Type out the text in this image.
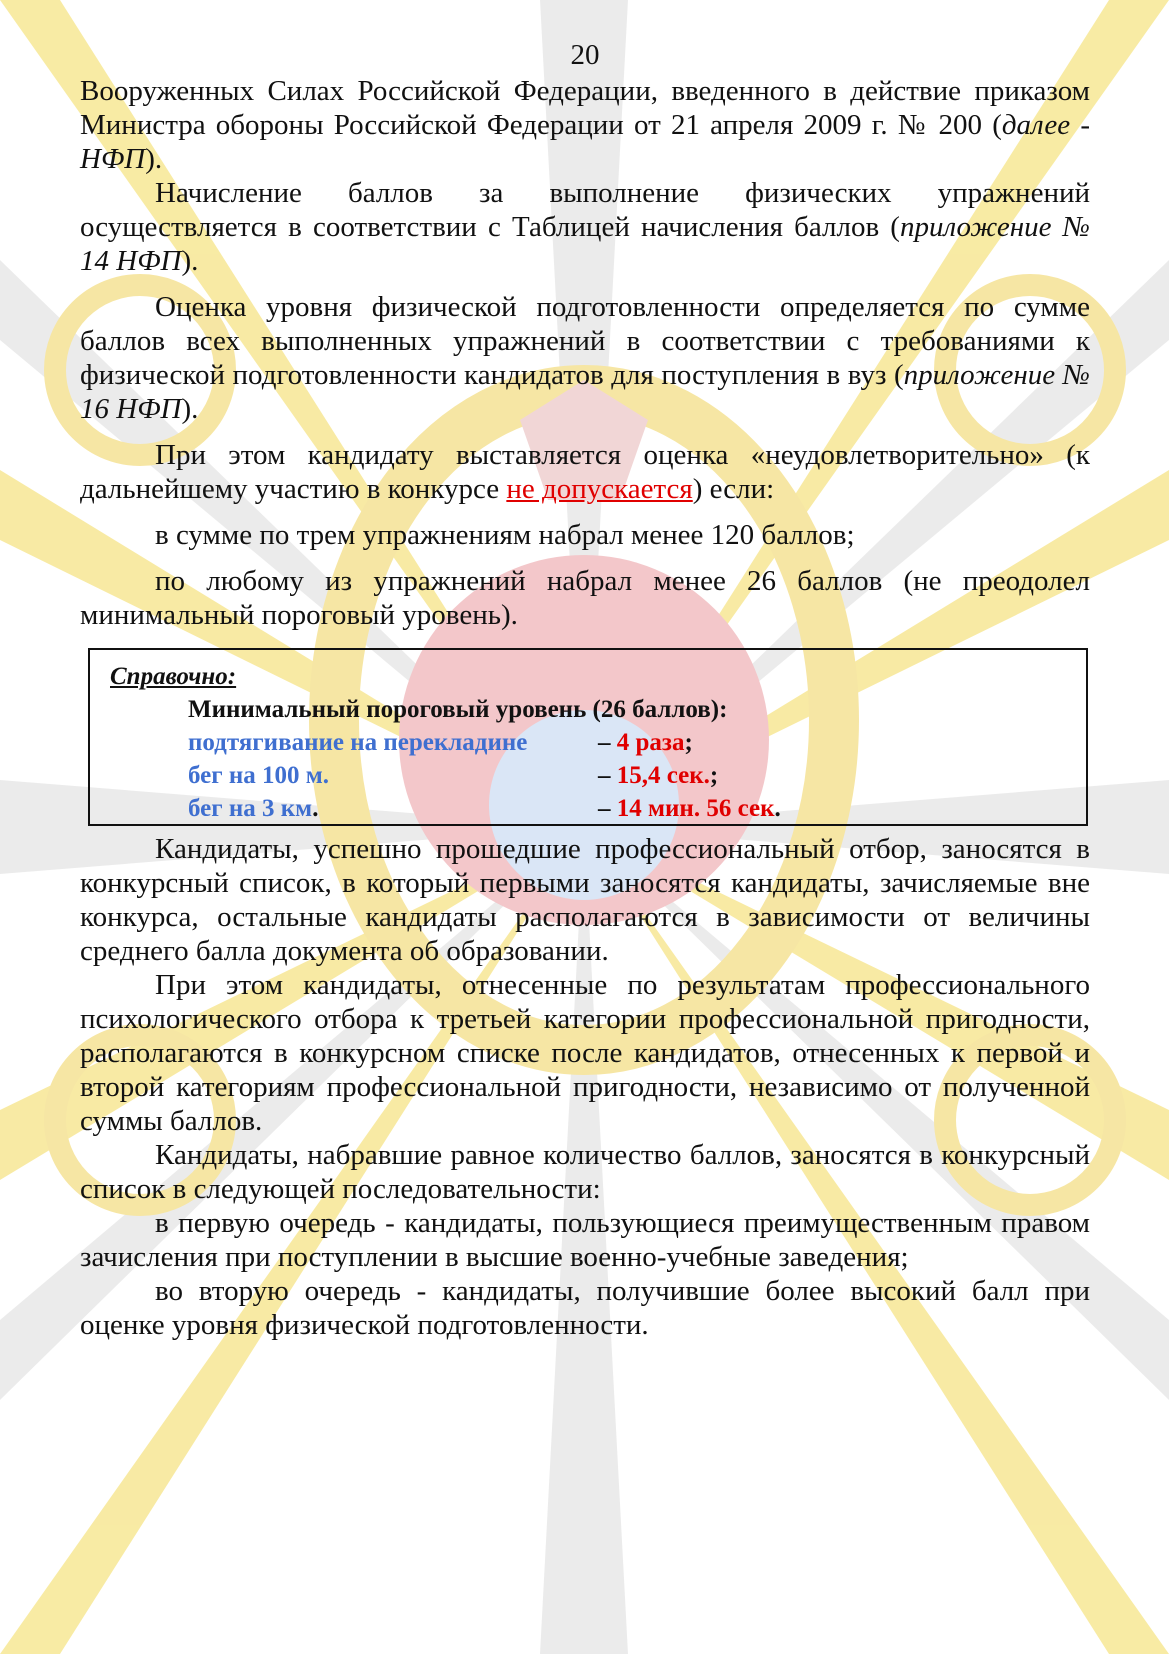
20

Вооруженных Силах Российской Федерации, введенного в действие приказом Министра обороны Российской Федерации от 21 апреля 2009 г. № 200 (далее - НФП).

Начисление баллов за выполнение физических упражнений осуществляется в соответствии с Таблицей начисления баллов (приложение № 14 НФП).

Оценка уровня физической подготовленности определяется по сумме баллов всех выполненных упражнений в соответствии с требованиями к физической подготовленности кандидатов для поступления в вуз (приложение № 16 НФП).

При этом кандидату выставляется оценка «неудовлетворительно» (к дальнейшему участию в конкурсе не допускается) если:

в сумме по трем упражнениям набрал менее 120 баллов;

по любому из упражнений набрал менее 26 баллов (не преодолел минимальный пороговый уровень).

Справочно:
Минимальный пороговый уровень (26 баллов):
подтягивание на перекладине	– 4 раза;
бег на 100 м.	– 15,4 сек.;
бег на 3 км.	– 14 мин. 56 сек.

Кандидаты, успешно прошедшие профессиональный отбор, заносятся в конкурсный список, в который первыми заносятся кандидаты, зачисляемые вне конкурса, остальные кандидаты располагаются в зависимости от величины среднего балла документа об образовании.

При этом кандидаты, отнесенные по результатам профессионального психологического отбора к третьей категории профессиональной пригодности, располагаются в конкурсном списке после кандидатов, отнесенных к первой и второй категориям профессиональной пригодности, независимо от полученной суммы баллов.

Кандидаты, набравшие равное количество баллов, заносятся в конкурсный список в следующей последовательности:

в первую очередь - кандидаты, пользующиеся преимущественным правом зачисления при поступлении в высшие военно-учебные заведения;

во вторую очередь - кандидаты, получившие более высокий балл при оценке уровня физической подготовленности.
